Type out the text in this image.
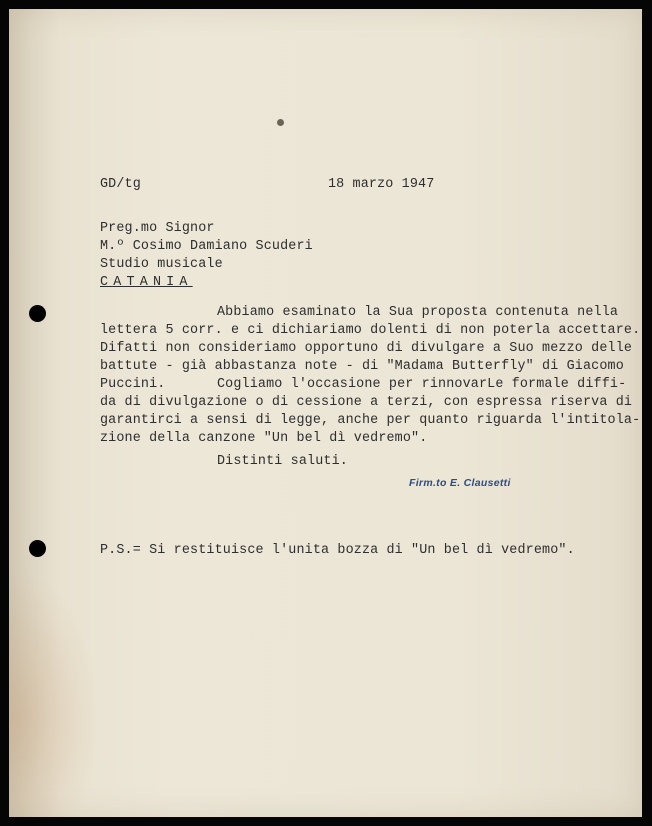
GD/tg	18 marzo 1947
Preg.mo Signor
M.º Cosimo Damiano Scuderi
Studio musicale
CATANIA
Abbiamo esaminato la Sua proposta contenuta nella
lettera 5 corr. e ci dichiariamo dolenti di non poterla accettare.
Difatti non consideriamo opportuno di divulgare a Suo mezzo delle
battute - già abbastanza note - di "Madama Butterfly" di Giacomo
Puccini.	Cogliamo l'occasione per rinnovarLe formale diffi-
da di divulgazione o di cessione a terzi, con espressa riserva di
garantirci a sensi di legge, anche per quanto riguarda l'intitola-
zione della canzone "Un bel dì vedremo".
Distinti saluti.
Firm.to E. Clausetti
P.S.= Si restituisce l'unita bozza di "Un bel dì vedremo".
